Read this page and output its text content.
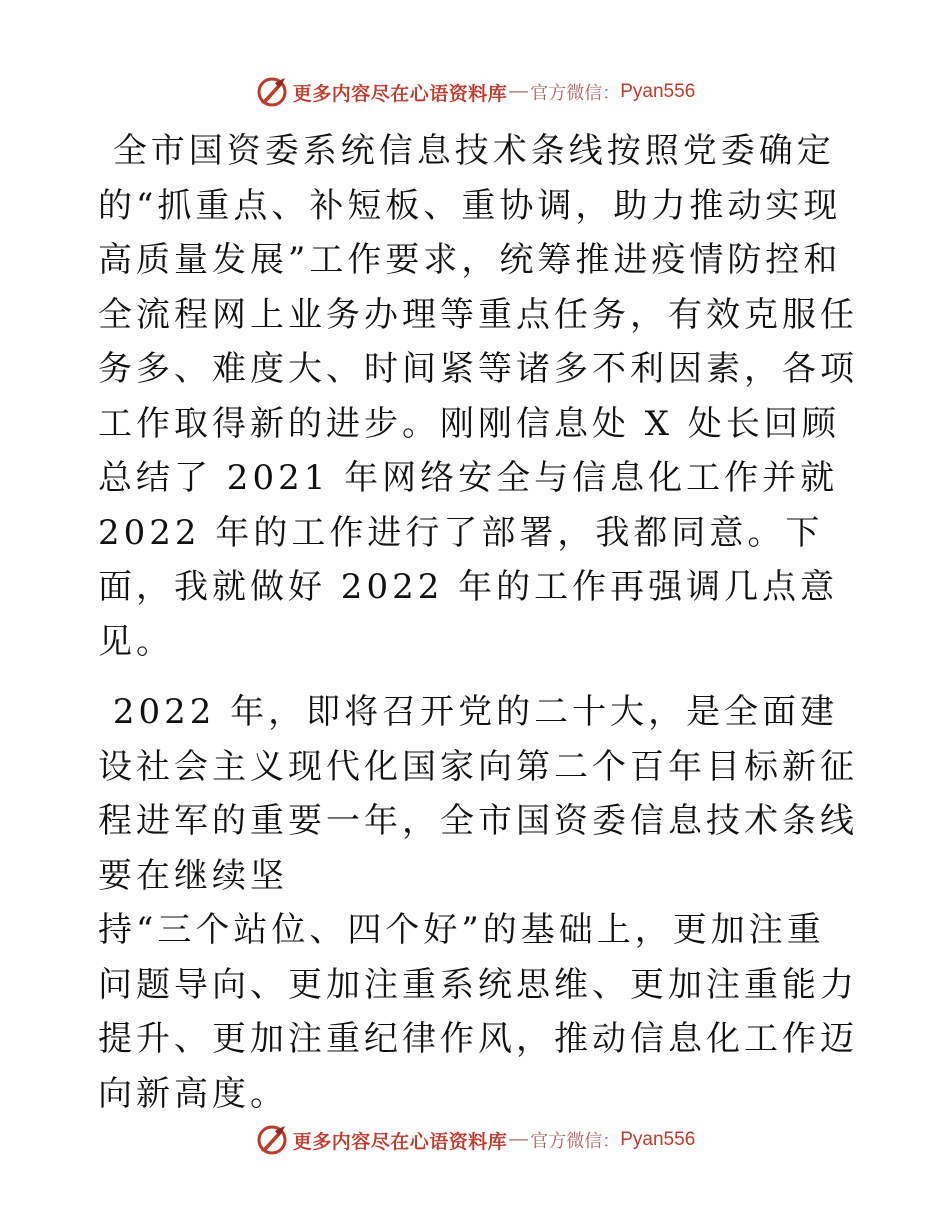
更多内容尽在心语资料库 — 官方微信： Pyan556

全市国资委系统信息技术条线按照党委确定
的“抓重点、补短板、重协调，助力推动实现高质量发展”工作要求，统筹推进疫情防控和全流程网上业务办理等重点任务，有效克服任务多、难度大、时间紧等诸多不利因素，各项工作取得新的进步。刚刚信息处 X 处长回顾总结了 2021 年网络安全与信息化工作并就 2022 年的工作进行了部署，我都同意。下面，我就做好 2022 年的工作再强调几点意见。

2022 年，即将召开党的二十大，是全面建设社会主义现代化国家向第二个百年目标新征程进军的重要一年，全市国资委信息技术条线要在继续坚
持“三个站位、四个好”的基础上，更加注重问题导向、更加注重系统思维、更加注重能力提升、更加注重纪律作风，推动信息化工作迈向新高度。

更多内容尽在心语资料库 — 官方微信： Pyan556
